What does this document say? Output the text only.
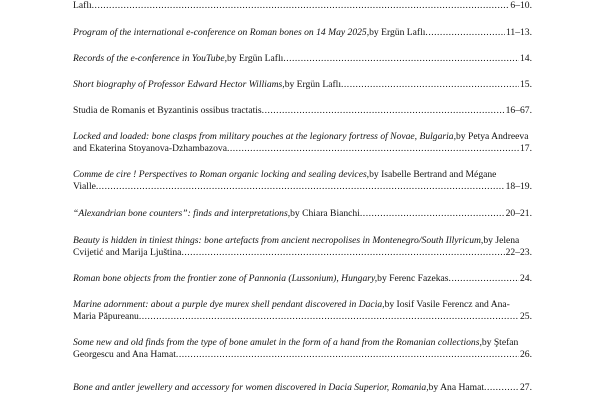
Laflı .....	6–10.
Program of the international e-conference on Roman bones on 14 May 2025, by Ergün Laflı .....	11–13.
Records of the e-conference in YouTube, by Ergün Laflı .....	14.
Short biography of Professor Edward Hector Williams, by Ergün Laflı .....	15.
Studia de Romanis et Byzantinis ossibus tractatis .....	16–67.
Locked and loaded: bone clasps from military pouches at the legionary fortress of Novae, Bulgaria, by Petya Andreeva
and Ekaterina Stoyanova-Dzhambazova .....	17.
Comme de cire ! Perspectives to Roman organic locking and sealing devices, by Isabelle Bertrand and Mégane
Vialle .....	18–19.
“Alexandrian bone counters”: finds and interpretations, by Chiara Bianchi .....	20–21.
Beauty is hidden in tiniest things: bone artefacts from ancient necropolises in Montenegro/South Illyricum, by Jelena
Cvijetić and Marija Ljuština .....	22–23.
Roman bone objects from the frontier zone of Pannonia (Lussonium), Hungary, by Ferenc Fazekas .....	24.
Marine adornment: about a purple dye murex shell pendant discovered in Dacia, by Iosif Vasile Ferencz and Ana-
Maria Păpureanu .....	25.
Some new and old finds from the type of bone amulet in the form of a hand from the Romanian collections, by Ştefan
Georgescu and Ana Hamat .....	26.
Bone and antler jewellery and accessory for women discovered in Dacia Superior, Romania, by Ana Hamat .....	27.
